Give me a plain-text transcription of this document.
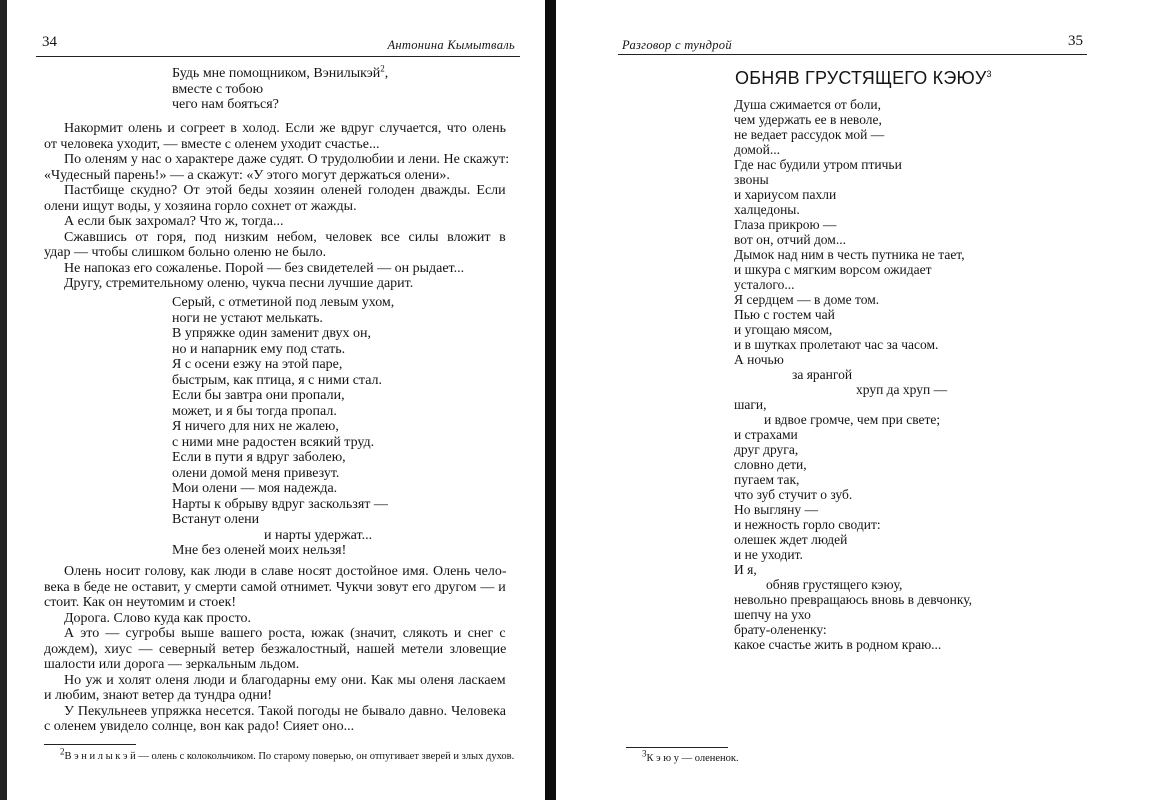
34	Антонина Кымытваль
Будь мне помощником, Вэнилыкэй$^2$,
вместе с тобою
чего нам бояться?
Накормит олень и согреет в холод. Если же вдруг случается, что олень
от человека уходит, — вместе с оленем уходит счастье...
По оленям у нас о характере даже судят. О трудолюбии и лени. Не скажут:
«Чудесный парень!» — а скажут: «У этого могут держаться олени».
Пастбище скудно? От этой беды хозяин оленей голоден дважды. Если
олени ищут воды, у хозяина горло сохнет от жажды.
А если бык захромал? Что ж, тогда...
Сжавшись от горя, под низким небом, человек все силы вложит в
удар — чтобы слишком больно оленю не было.
Не напоказ его сожаленье. Порой — без свидетелей — он рыдает...
Другу, стремительному оленю, чукча песни лучшие дарит.
Серый, с отметиной под левым ухом,
ноги не устают мелькать.
В упряжке один заменит двух он,
но и напарник ему под стать.
Я с осени езжу на этой паре,
быстрым, как птица, я с ними стал.
Если бы завтра они пропали,
может, и я бы тогда пропал.
Я ничего для них не жалею,
с ними мне радостен всякий труд.
Если в пути я вдруг заболею,
олени домой меня привезут.
Мои олени — моя надежда.
Нарты к обрыву вдруг заскользят —
Встанут олени
и нарты удержат...
Мне без оленей моих нельзя!
Олень носит голову, как люди в славе носят достойное имя. Олень чело-
века в беде не оставит, у смерти самой отнимет. Чукчи зовут его другом — и
стоит. Как он неутомим и стоек!
Дорога. Слово куда как просто.
А это — сугробы выше вашего роста, южак (значит, слякоть и снег с
дождем), хиус — северный ветер безжалостный, нашей метели зловещие
шалости или дорога — зеркальным льдом.
Но уж и холят оленя люди и благодарны ему они. Как мы оленя ласкаем
и любим, знают ветер да тундра одни!
У Пекульнеев упряжка несется. Такой погоды не бывало давно. Человека
с оленем увидело солнце, вон как радо! Сияет оно...
$^2$В э н и л ы к э й — олень с колокольчиком. По старому поверью, он отпугивает зверей и злых духов.
Разговор с тундрой	35
ОБНЯВ ГРУСТЯЩЕГО КЭЮУ$^3$
Душа сжимается от боли,
чем удержать ее в неволе,
не ведает рассудок мой —
домой...
Где нас будили утром птичьи
звоны
и хариусом пахли
халцедоны.
Глаза прикрою —
вот он, отчий дом...
Дымок над ним в честь путника не тает,
и шкура с мягким ворсом ожидает
усталого...
Я сердцем — в доме том.
Пью с гостем чай
и угощаю мясом,
и в шутках пролетают час за часом.
А ночью
за ярангой
хруп да хруп —
шаги,
и вдвое громче, чем при свете;
и страхами
друг друга,
словно дети,
пугаем так,
что зуб стучит о зуб.
Но выгляну —
и нежность горло сводит:
олешек ждет людей
и не уходит.
И я,
обняв грустящего кэюу,
невольно превращаюсь вновь в девчонку,
шепчу на ухо
брату-олененку:
какое счастье жить в родном краю...
$^3$К э ю у — олененок.
